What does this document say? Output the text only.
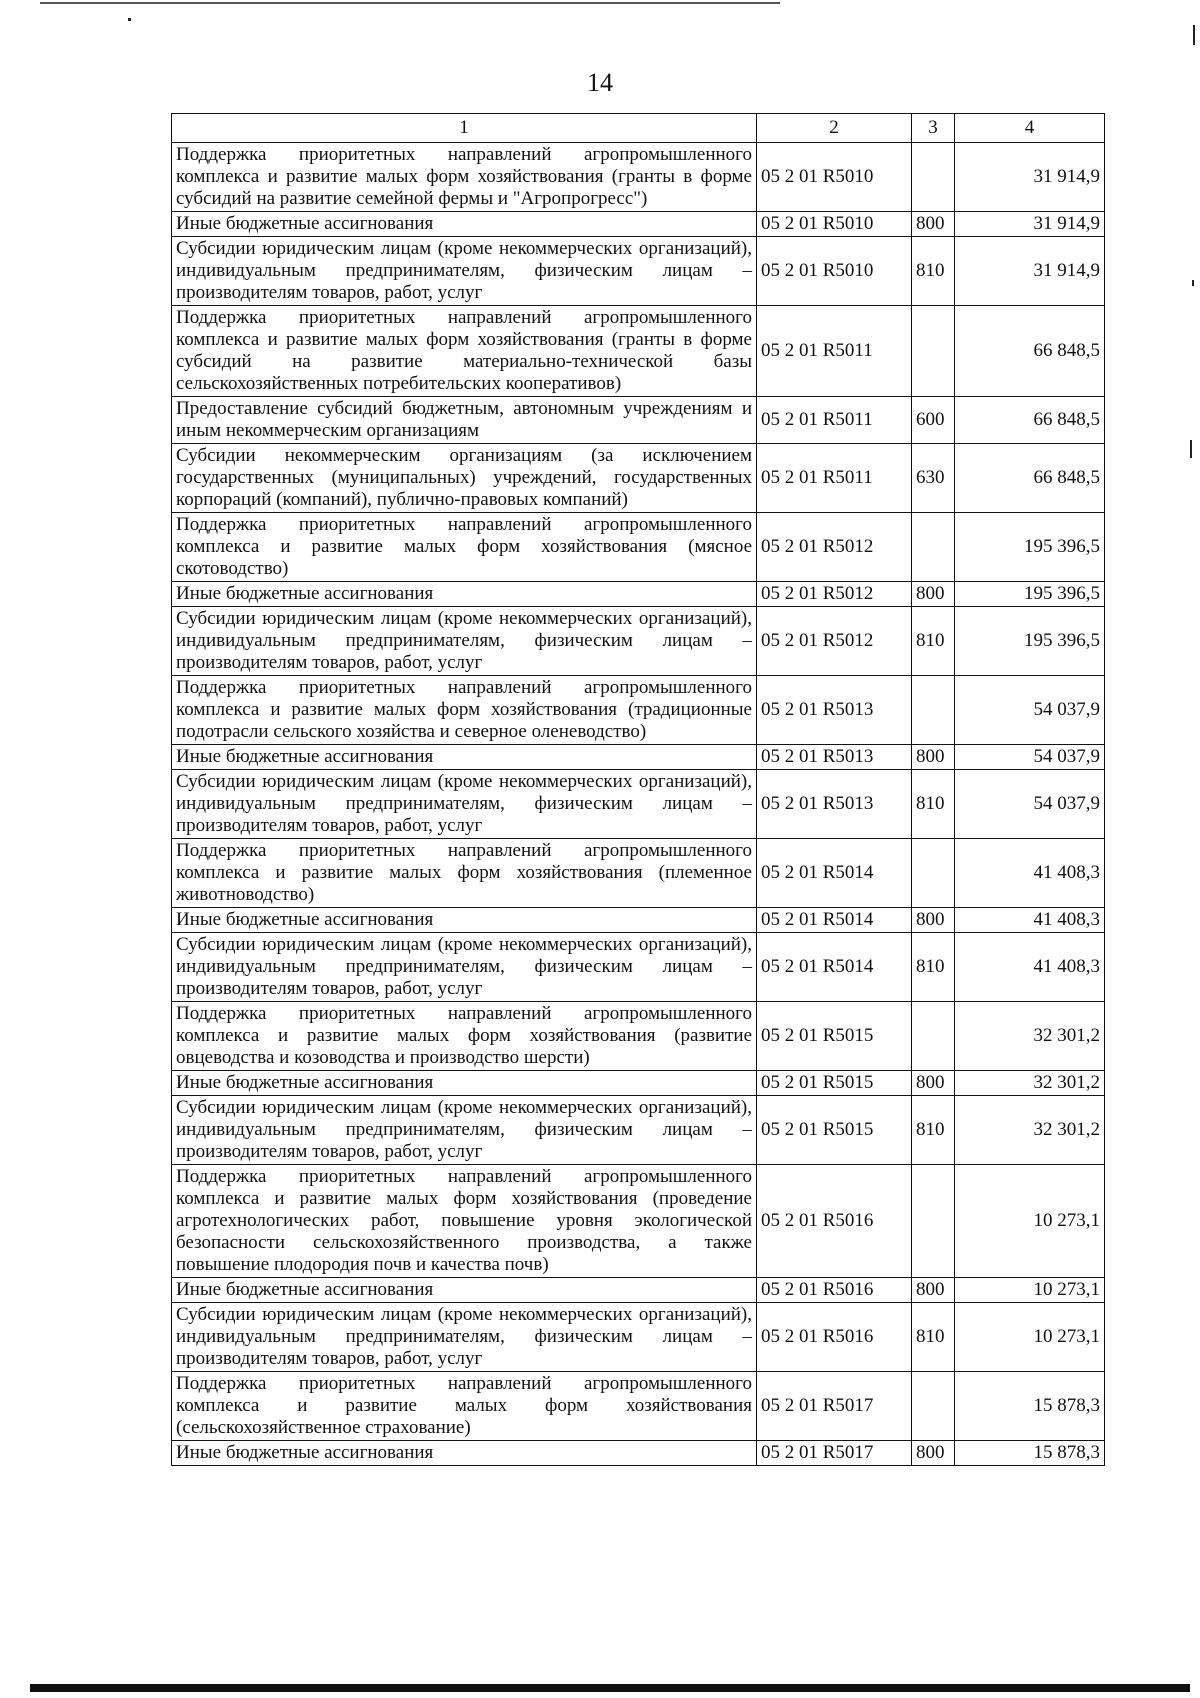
14
1	2	3	4
Поддержка приоритетных направлений агропромышленного комплекса и развитие малых форм хозяйствования (гранты в форме субсидий на развитие семейной фермы и "Агропрогресс")	05 2 01 R5010		31 914,9
Иные бюджетные ассигнования	05 2 01 R5010	800	31 914,9
Субсидии юридическим лицам (кроме некоммерческих организаций), индивидуальным предпринимателям, физическим лицам – производителям товаров, работ, услуг	05 2 01 R5010	810	31 914,9
Поддержка приоритетных направлений агропромышленного комплекса и развитие малых форм хозяйствования (гранты в форме субсидий на развитие материально-технической базы сельскохозяйственных потребительских кооперативов)	05 2 01 R5011		66 848,5
Предоставление субсидий бюджетным, автономным учреждениям и иным некоммерческим организациям	05 2 01 R5011	600	66 848,5
Субсидии некоммерческим организациям (за исключением государственных (муниципальных) учреждений, государственных корпораций (компаний), публично-правовых компаний)	05 2 01 R5011	630	66 848,5
Поддержка приоритетных направлений агропромышленного комплекса и развитие малых форм хозяйствования (мясное скотоводство)	05 2 01 R5012		195 396,5
Иные бюджетные ассигнования	05 2 01 R5012	800	195 396,5
Субсидии юридическим лицам (кроме некоммерческих организаций), индивидуальным предпринимателям, физическим лицам – производителям товаров, работ, услуг	05 2 01 R5012	810	195 396,5
Поддержка приоритетных направлений агропромышленного комплекса и развитие малых форм хозяйствования (традиционные подотрасли сельского хозяйства и северное оленеводство)	05 2 01 R5013		54 037,9
Иные бюджетные ассигнования	05 2 01 R5013	800	54 037,9
Субсидии юридическим лицам (кроме некоммерческих организаций), индивидуальным предпринимателям, физическим лицам – производителям товаров, работ, услуг	05 2 01 R5013	810	54 037,9
Поддержка приоритетных направлений агропромышленного комплекса и развитие малых форм хозяйствования (племенное животноводство)	05 2 01 R5014		41 408,3
Иные бюджетные ассигнования	05 2 01 R5014	800	41 408,3
Субсидии юридическим лицам (кроме некоммерческих организаций), индивидуальным предпринимателям, физическим лицам – производителям товаров, работ, услуг	05 2 01 R5014	810	41 408,3
Поддержка приоритетных направлений агропромышленного комплекса и развитие малых форм хозяйствования (развитие овцеводства и козоводства и производство шерсти)	05 2 01 R5015		32 301,2
Иные бюджетные ассигнования	05 2 01 R5015	800	32 301,2
Субсидии юридическим лицам (кроме некоммерческих организаций), индивидуальным предпринимателям, физическим лицам – производителям товаров, работ, услуг	05 2 01 R5015	810	32 301,2
Поддержка приоритетных направлений агропромышленного комплекса и развитие малых форм хозяйствования (проведение агротехнологических работ, повышение уровня экологической безопасности сельскохозяйственного производства, а также повышение плодородия почв и качества почв)	05 2 01 R5016		10 273,1
Иные бюджетные ассигнования	05 2 01 R5016	800	10 273,1
Субсидии юридическим лицам (кроме некоммерческих организаций), индивидуальным предпринимателям, физическим лицам – производителям товаров, работ, услуг	05 2 01 R5016	810	10 273,1
Поддержка приоритетных направлений агропромышленного комплекса и развитие малых форм хозяйствования (сельскохозяйственное страхование)	05 2 01 R5017		15 878,3
Иные бюджетные ассигнования	05 2 01 R5017	800	15 878,3
